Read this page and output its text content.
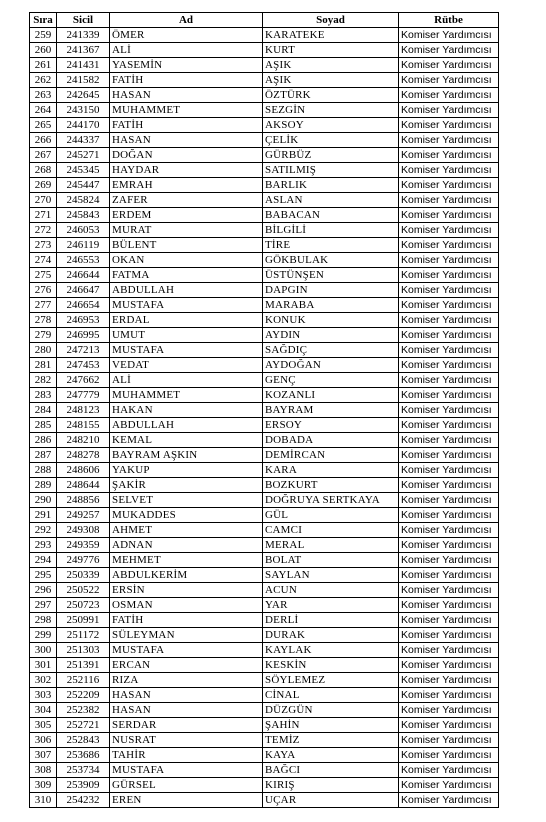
Sıra	Sicil	Ad	Soyad	Rütbe
259	241339	ÖMER	KARATEKE	Komiser Yardımcısı
260	241367	ALİ	KURT	Komiser Yardımcısı
261	241431	YASEMİN	AŞIK	Komiser Yardımcısı
262	241582	FATİH	AŞIK	Komiser Yardımcısı
263	242645	HASAN	ÖZTÜRK	Komiser Yardımcısı
264	243150	MUHAMMET	SEZGİN	Komiser Yardımcısı
265	244170	FATİH	AKSOY	Komiser Yardımcısı
266	244337	HASAN	ÇELİK	Komiser Yardımcısı
267	245271	DOĞAN	GÜRBÜZ	Komiser Yardımcısı
268	245345	HAYDAR	SATILMIŞ	Komiser Yardımcısı
269	245447	EMRAH	BARLIK	Komiser Yardımcısı
270	245824	ZAFER	ASLAN	Komiser Yardımcısı
271	245843	ERDEM	BABACAN	Komiser Yardımcısı
272	246053	MURAT	BİLGİLİ	Komiser Yardımcısı
273	246119	BÜLENT	TİRE	Komiser Yardımcısı
274	246553	OKAN	GÖKBULAK	Komiser Yardımcısı
275	246644	FATMA	ÜSTÜNŞEN	Komiser Yardımcısı
276	246647	ABDULLAH	DAPGIN	Komiser Yardımcısı
277	246654	MUSTAFA	MARABA	Komiser Yardımcısı
278	246953	ERDAL	KONUK	Komiser Yardımcısı
279	246995	UMUT	AYDIN	Komiser Yardımcısı
280	247213	MUSTAFA	SAĞDIÇ	Komiser Yardımcısı
281	247453	VEDAT	AYDOĞAN	Komiser Yardımcısı
282	247662	ALİ	GENÇ	Komiser Yardımcısı
283	247779	MUHAMMET	KOZANLI	Komiser Yardımcısı
284	248123	HAKAN	BAYRAM	Komiser Yardımcısı
285	248155	ABDULLAH	ERSOY	Komiser Yardımcısı
286	248210	KEMAL	DOBADA	Komiser Yardımcısı
287	248278	BAYRAM AŞKIN	DEMİRCAN	Komiser Yardımcısı
288	248606	YAKUP	KARA	Komiser Yardımcısı
289	248644	ŞAKİR	BOZKURT	Komiser Yardımcısı
290	248856	SELVET	DOĞRUYA SERTKAYA	Komiser Yardımcısı
291	249257	MUKADDES	GÜL	Komiser Yardımcısı
292	249308	AHMET	CAMCI	Komiser Yardımcısı
293	249359	ADNAN	MERAL	Komiser Yardımcısı
294	249776	MEHMET	BOLAT	Komiser Yardımcısı
295	250339	ABDULKERİM	SAYLAN	Komiser Yardımcısı
296	250522	ERSİN	ACUN	Komiser Yardımcısı
297	250723	OSMAN	YAR	Komiser Yardımcısı
298	250991	FATİH	DERLİ	Komiser Yardımcısı
299	251172	SÜLEYMAN	DURAK	Komiser Yardımcısı
300	251303	MUSTAFA	KAYLAK	Komiser Yardımcısı
301	251391	ERCAN	KESKİN	Komiser Yardımcısı
302	252116	RIZA	SÖYLEMEZ	Komiser Yardımcısı
303	252209	HASAN	CİNAL	Komiser Yardımcısı
304	252382	HASAN	DÜZGÜN	Komiser Yardımcısı
305	252721	SERDAR	ŞAHİN	Komiser Yardımcısı
306	252843	NUSRAT	TEMİZ	Komiser Yardımcısı
307	253686	TAHİR	KAYA	Komiser Yardımcısı
308	253734	MUSTAFA	BAĞCI	Komiser Yardımcısı
309	253909	GÜRSEL	KIRIŞ	Komiser Yardımcısı
310	254232	EREN	UÇAR	Komiser Yardımcısı
